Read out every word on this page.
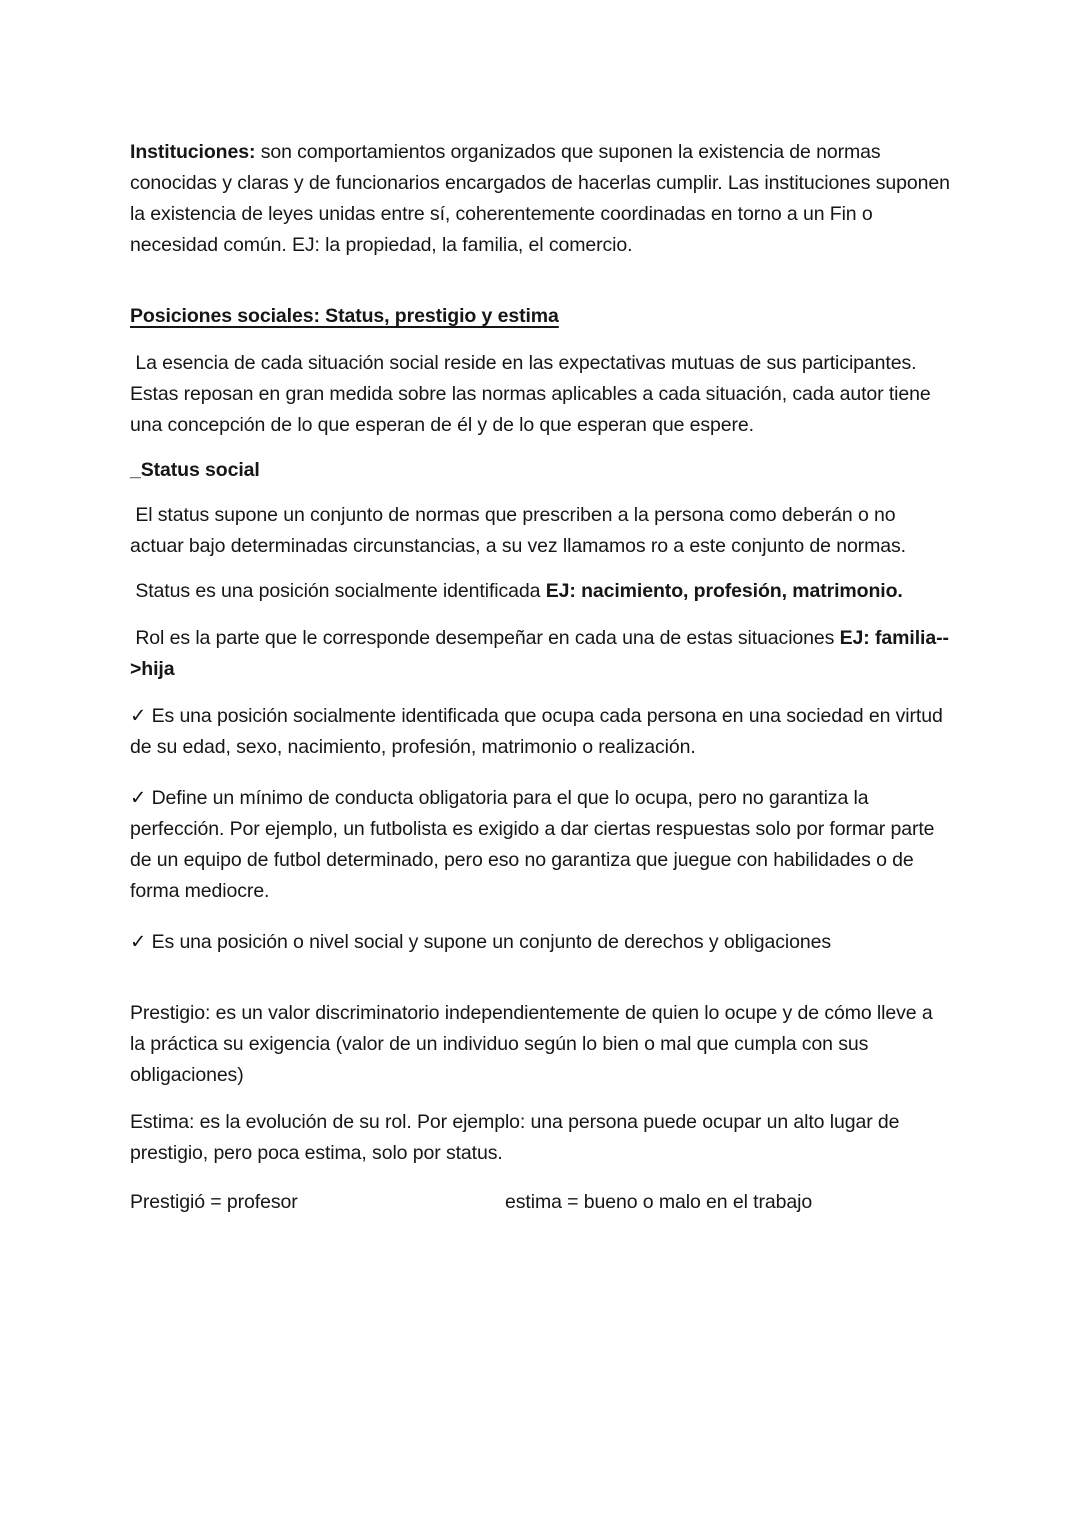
Instituciones: son comportamientos organizados que suponen la existencia de normas conocidas y claras y de funcionarios encargados de hacerlas cumplir. Las instituciones suponen la existencia de leyes unidas entre sí, coherentemente coordinadas en torno a un Fin o necesidad común. EJ: la propiedad, la familia, el comercio.

Posiciones sociales: Status, prestigio y estima

La esencia de cada situación social reside en las expectativas mutuas de sus participantes. Estas reposan en gran medida sobre las normas aplicables a cada situación, cada autor tiene una concepción de lo que esperan de él y de lo que esperan que espere.

_Status social

El status supone un conjunto de normas que prescriben a la persona como deberán o no actuar bajo determinadas circunstancias, a su vez llamamos ro a este conjunto de normas.

Status es una posición socialmente identificada EJ: nacimiento, profesión, matrimonio.

Rol es la parte que le corresponde desempeñar en cada una de estas situaciones EJ: familia-->hija

✓ Es una posición socialmente identificada que ocupa cada persona en una sociedad en virtud de su edad, sexo, nacimiento, profesión, matrimonio o realización.

✓ Define un mínimo de conducta obligatoria para el que lo ocupa, pero no garantiza la perfección. Por ejemplo, un futbolista es exigido a dar ciertas respuestas solo por formar parte de un equipo de futbol determinado, pero eso no garantiza que juegue con habilidades o de forma mediocre.

✓ Es una posición o nivel social y supone un conjunto de derechos y obligaciones

Prestigio: es un valor discriminatorio independientemente de quien lo ocupe y de cómo lleve a la práctica su exigencia (valor de un individuo según lo bien o mal que cumpla con sus obligaciones)

Estima: es la evolución de su rol. Por ejemplo: una persona puede ocupar un alto lugar de prestigio, pero poca estima, solo por status.

Prestigió = profesor	estima = bueno o malo en el trabajo
